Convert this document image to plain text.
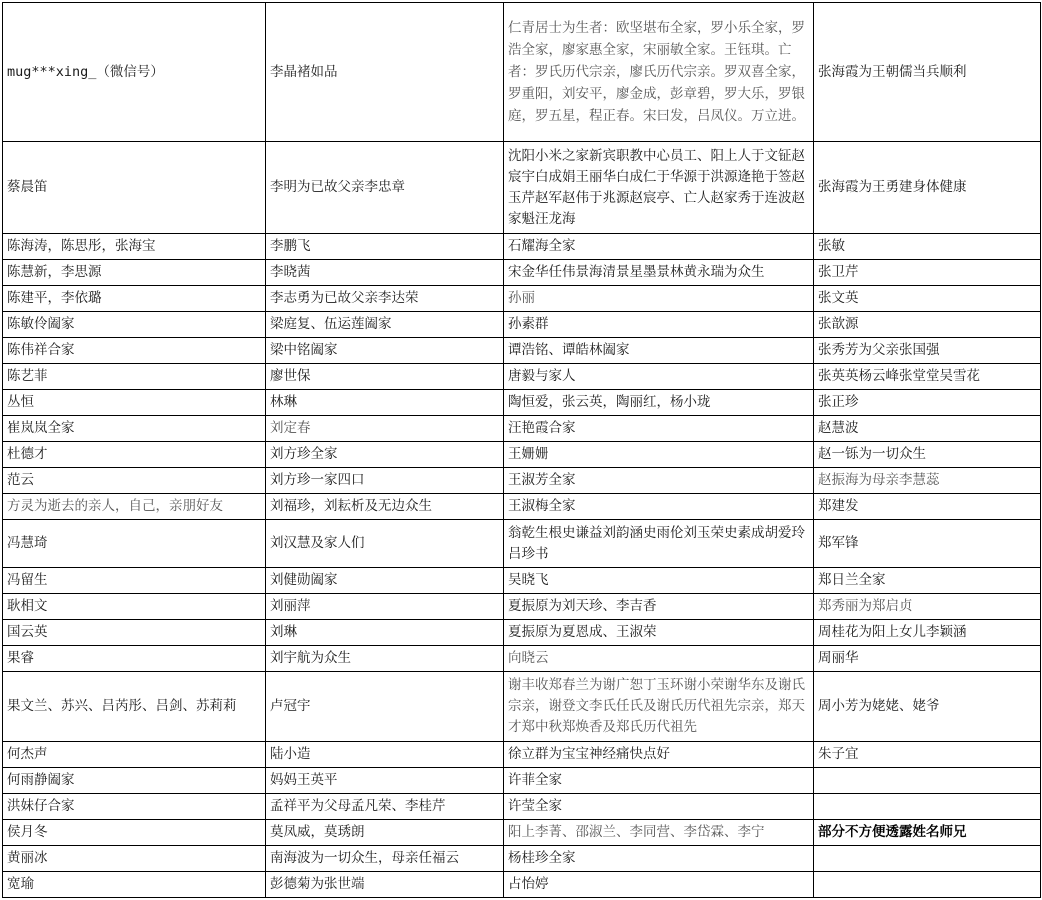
mug***xing_（微信号）	李晶褚如品	仁青居士为生者：欧坚堪布全家，罗小乐全家，罗浩全家，廖家惠全家，宋丽敏全家。王钰琪。亡者：罗氏历代宗亲，廖氏历代宗亲。罗双喜全家，罗重阳，刘安平，廖金成，彭章碧，罗大乐，罗银庭，罗五星，程正春。宋曰发，吕凤仪。万立进。	张海霞为王朝儒当兵顺利
蔡晨笛	李明为已故父亲李忠章	沈阳小米之家新宾职教中心员工、阳上人于文钲赵宸宇白成娟王丽华白成仁于华源于洪源逄艳于签赵玉芹赵军赵伟于兆源赵宸亭、亡人赵家秀于连波赵家魁汪龙海	张海霞为王勇建身体健康
陈海涛，陈思彤，张海宝	李鹏飞	石耀海全家	张敏
陈慧新，李思源	李晓茜	宋金华任伟景海清景星墨景林黄永瑞为众生	张卫芹
陈建平，李依璐	李志勇为已故父亲李达荣	孙丽	张文英
陈敏伶阖家	梁庭复、伍运莲阖家	孙素群	张歆源
陈伟祥合家	梁中铭阖家	谭浩铭、谭皓林阖家	张秀芳为父亲张国强
陈艺菲	廖世保	唐毅与家人	张英英杨云峰张堂堂吴雪花
丛恒	林琳	陶恒爱，张云英，陶丽红，杨小珑	张正珍
崔岚岚全家	刘定春	汪艳霞合家	赵慧波
杜德才	刘方珍全家	王姗姗	赵一铄为一切众生
范云	刘方珍一家四口	王淑芳全家	赵振海为母亲李慧蕊
方灵为逝去的亲人，自己，亲朋好友	刘福珍，刘耘析及无边众生	王淑梅全家	郑建发
冯慧琦	刘汉慧及家人们	翁乾生根史谦益刘韵涵史雨伦刘玉荣史素成胡爱玲吕珍书	郑军锋
冯留生	刘健勋阖家	吴晓飞	郑日兰全家
耿相文	刘丽萍	夏振原为刘天珍、李吉香	郑秀丽为郑启贞
国云英	刘琳	夏振原为夏恩成、王淑荣	周桂花为阳上女儿李颖涵
果睿	刘宇航为众生	向晓云	周丽华
果文兰、苏兴、吕芮彤、吕剑、苏莉莉	卢冠宇	谢丰收郑春兰为谢广恕丁玉环谢小荣谢华东及谢氏宗亲，谢登文李氏任氏及谢氏历代祖先宗亲，郑天才郑中秋郑焕香及郑氏历代祖先	周小芳为姥姥、姥爷
何杰声	陆小造	徐立群为宝宝神经痛快点好	朱子宜
何雨静阖家	妈妈王英平	许菲全家	
洪妹仔合家	孟祥平为父母孟凡荣、李桂芹	许莹全家	
侯月冬	莫凤威，莫琇朗	阳上李菁、邵淑兰、李同营、李岱霖、李宁	部分不方便透露姓名师兄
黄丽冰	南海波为一切众生，母亲任福云	杨桂珍全家	
宽瑜	彭德菊为张世端	占怡婷	
